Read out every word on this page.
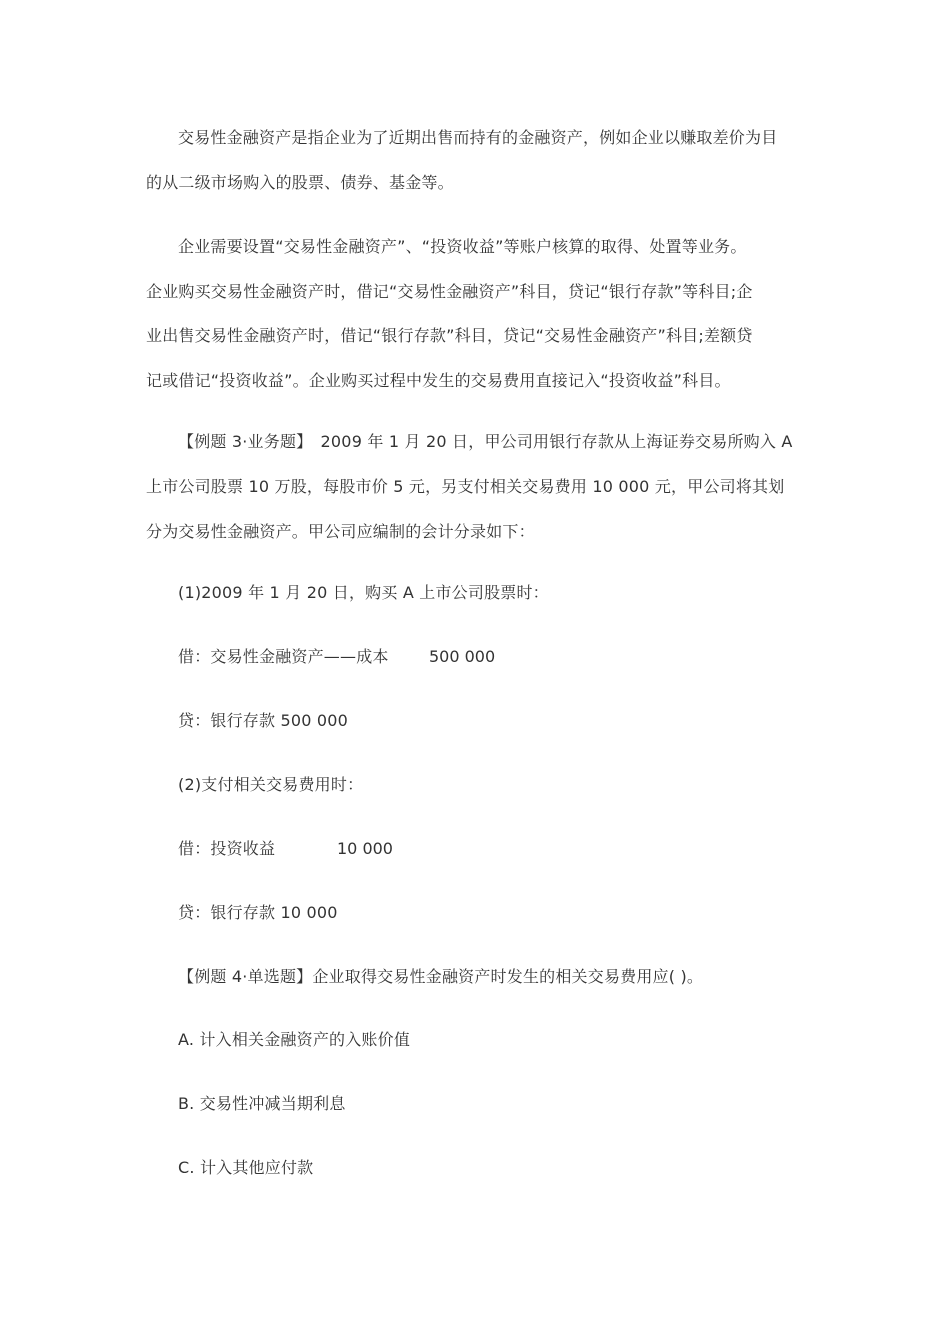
交易性金融资产是指企业为了近期出售而持有的金融资产，例如企业以赚取差价为目
的从二级市场购入的股票、债券、基金等。
企业需要设置“交易性金融资产”、“投资收益”等账户核算的取得、处置等业务。
企业购买交易性金融资产时，借记“交易性金融资产”科目，贷记“银行存款”等科目;企
业出售交易性金融资产时，借记“银行存款”科目，贷记“交易性金融资产”科目;差额贷
记或借记“投资收益”。企业购买过程中发生的交易费用直接记入“投资收益”科目。
【例题 3·业务题】　2009 年 1 月 20 日，甲公司用银行存款从上海证券交易所购入 A
上市公司股票 10 万股，每股市价 5 元，另支付相关交易费用 10 000 元，甲公司将其划
分为交易性金融资产。甲公司应编制的会计分录如下：
(1)2009 年 1 月 20 日，购买 A 上市公司股票时：
借：交易性金融资产——成本	500 000
贷：银行存款 500 000
(2)支付相关交易费用时：
借：投资收益	10 000
贷：银行存款 10 000
【例题 4·单选题】企业取得交易性金融资产时发生的相关交易费用应( )。
A. 计入相关金融资产的入账价值
B. 交易性冲减当期利息
C. 计入其他应付款
